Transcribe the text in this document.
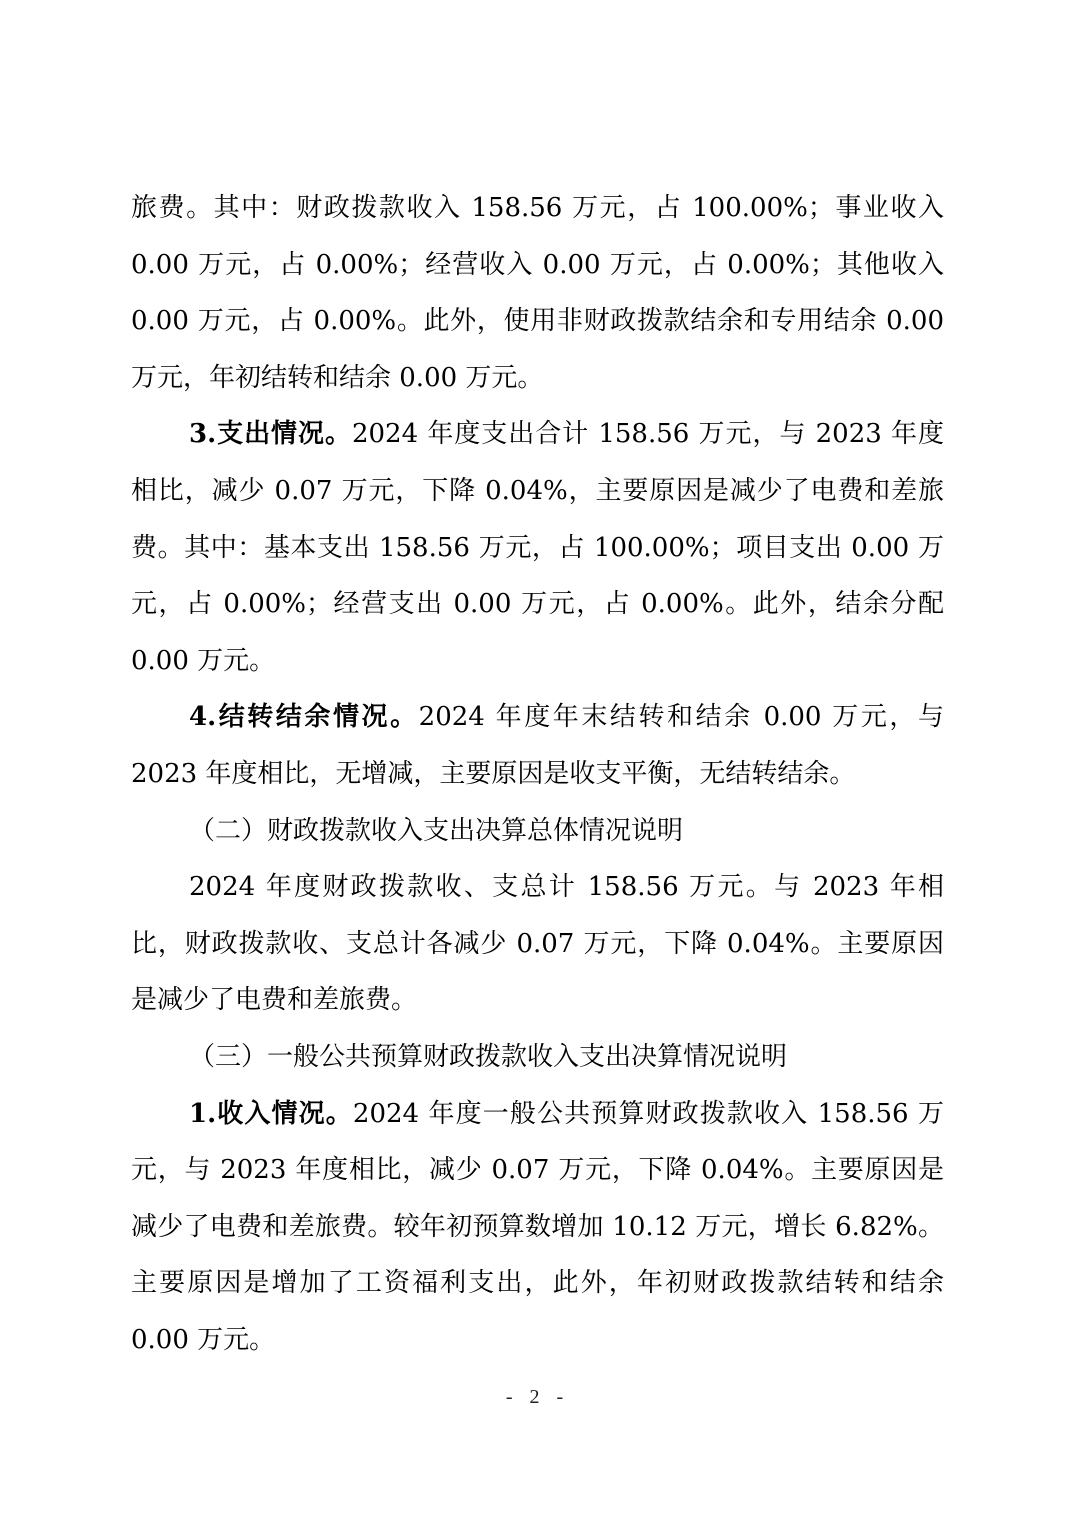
旅费。其中：财政拨款收入 158.56 万元，占 100.00%；事业收入 0.00 万元，占 0.00%；经营收入 0.00 万元，占 0.00%；其他收入 0.00 万元，占 0.00%。此外，使用非财政拨款结余和专用结余 0.00 万元，年初结转和结余 0.00 万元。

3.支出情况。2024 年度支出合计 158.56 万元，与 2023 年度相比，减少 0.07 万元，下降 0.04%，主要原因是减少了电费和差旅费。其中：基本支出 158.56 万元，占 100.00%；项目支出 0.00 万元，占 0.00%；经营支出 0.00 万元，占 0.00%。此外，结余分配 0.00 万元。

4.结转结余情况。2024 年度年末结转和结余 0.00 万元，与 2023 年度相比，无增减，主要原因是收支平衡，无结转结余。

（二）财政拨款收入支出决算总体情况说明

2024 年度财政拨款收、支总计 158.56 万元。与 2023 年相比，财政拨款收、支总计各减少 0.07 万元，下降 0.04%。主要原因是减少了电费和差旅费。

（三）一般公共预算财政拨款收入支出决算情况说明

1.收入情况。2024 年度一般公共预算财政拨款收入 158.56 万元，与 2023 年度相比，减少 0.07 万元，下降 0.04%。主要原因是减少了电费和差旅费。较年初预算数增加 10.12 万元，增长 6.82%。主要原因是增加了工资福利支出，此外，年初财政拨款结转和结余 0.00 万元。

- 2 -
